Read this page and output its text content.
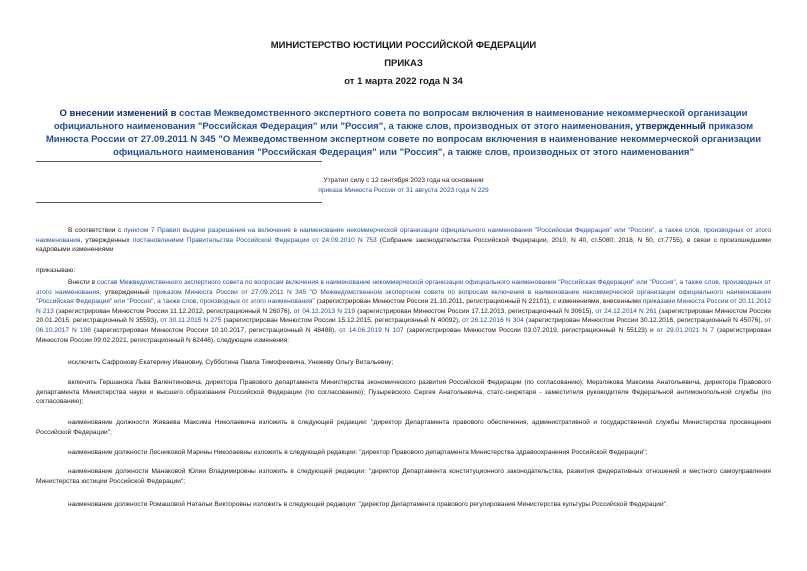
МИНИСТЕРСТВО ЮСТИЦИИ РОССИЙСКОЙ ФЕДЕРАЦИИ
ПРИКАЗ
от 1 марта 2022 года N 34
О внесении изменений в состав Межведомственного экспертного совета по вопросам включения в наименование некоммерческой организации официального наименования "Российская Федерация" или "Россия", а также слов, производных от этого наименования, утвержденный приказом Минюста России от 27.09.2011 N 345 "О Межведомственном экспертном совете по вопросам включения в наименование некоммерческой организации официального наименования "Российская Федерация" или "Россия", а также слов, производных от этого наименования"
Утратил силу с 12 сентября 2023 года на основании
приказа Минюста России от 31 августа 2023 года N 229
В соответствии с пунктом 7 Правил выдачи разрешения на включение в наименование некоммерческой организации официального наименования "Российская Федерация" или "Россия", а также слов, производных от этого наименования, утвержденных постановлением Правительства Российской Федерации от 24.09.2010 N 753 (Собрание законодательства Российской Федерации, 2010, N 40, ст.5080; 2018, N 50, ст.7755), в связи с произошедшими кадровыми изменениями
приказываю:
Внести в состав Межведомственного экспертного совета по вопросам включения в наименование некоммерческой организации официального наименования "Российская Федерация" или "Россия", а также слов, производных от этого наименования, утвержденный приказом Минюста России от 27.09.2011 N 345 "О Межведомственном экспертном совете по вопросам включения в наименование некоммерческой организации официального наименования "Российская Федерация" или "Россия", а также слов, производных от этого наименования" (зарегистрирован Минюстом России 21.10.2011, регистрационный N 22101), с изменениями, внесенными приказами Минюста России от 20.11.2012 N 213 (зарегистрирован Минюстом России 11.12.2012, регистрационный N 26076), от 04.12.2013 N 219 (зарегистрирован Минюстом России 17.12.2013, регистрационный N 30615), от 24.12.2014 N 261 (зарегистрирован Минюстом России 20.01.2015, регистрационный N 35593), от 30.11.2015 N 275 (зарегистрирован Минюстом России 15.12.2015, регистрационный N 40092), от 26.12.2016 N 304 (зарегистрирован Минюстом России 30.12.2016, регистрационный N 45076), от 06.10.2017 N 198 (зарегистрирован Минюстом России 10.10.2017, регистрационный N 48488), от 14.06.2019 N 107 (зарегистрирован Минюстом России 03.07.2019, регистрационный N 55123) и от 29.01.2021 N 7 (зарегистрирован Минюстом России 09.02.2021, регистрационный N 62446), следующие изменения:
исключить Сафронову Екатерину Ивановну, Субботина Павла Тимофеевича, Унежеву Ольгу Витальевну;
включить Гершанока Льва Валентиновича, директора Правового департамента Министерства экономического развития Российской Федерации (по согласованию); Мерзлякова Максима Анатольевича, директора Правового департамента Министерства науки и высшего образования Российской Федерации (по согласованию); Пузыревского Сергея Анатольевича, статс-секретаря - заместителя руководителя Федеральной антимонопольной службы (по согласованию);
наименование должности Живаева Максима Николаевича изложить в следующей редакции: "директор Департамента правового обеспечения, административной и государственной службы Министерства просвещения Российской Федерации";
наименование должности Лесниковой Марины Николаевны изложить в следующей редакции: "директор Правового департамента Министерства здравоохранения Российской Федерации";
наименование должности Манаковой Юлии Владимировны изложить в следующей редакции: "директор Департамента конституционного законодательства, развития федеративных отношений и местного самоуправления Министерства юстиции Российской Федерации";
наименование должности Ромашовой Натальи Викторовны изложить в следующей редакции: "директор Департамента правового регулирования Министерства культуры Российской Федерации".
